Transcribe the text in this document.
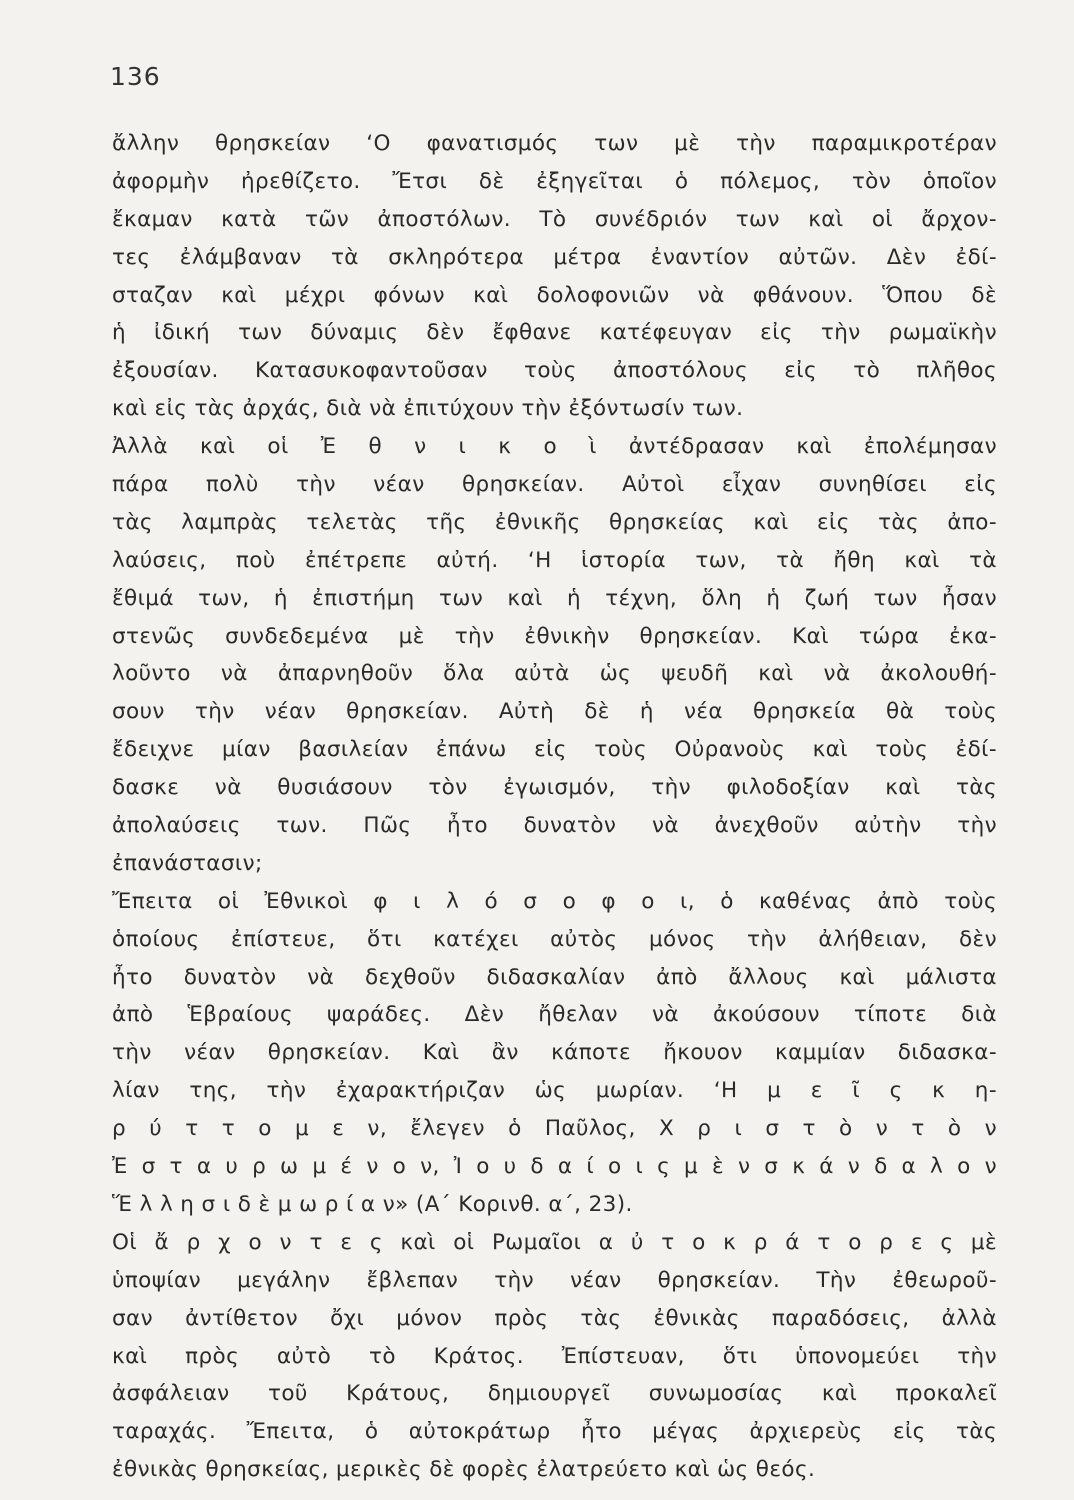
136
ἄλλην θρησκείαν ‘Ο φανατισμός των μὲ τὴν παραμικροτέραν
ἀφορμὴν ἠρεθίζετο. Ἔτσι δὲ ἐξηγεῖται ὁ πόλεμος, τὸν ὁποῖον
ἔκαμαν κατὰ τῶν ἀποστόλων. Τὸ συνέδριόν των καὶ οἱ ἄρχον-
τες ἐλάμβαναν τὰ σκληρότερα μέτρα ἐναντίον αὐτῶν. Δὲν ἐδί-
σταζαν καὶ μέχρι φόνων καὶ δολοφονιῶν νὰ φθάνουν. Ὅπου δὲ
ἡ ἰδική των δύναμις δὲν ἔφθανε κατέφευγαν εἰς τὴν ρωμαϊκὴν
ἐξουσίαν. Κατασυκοφαντοῦσαν τοὺς ἀποστόλους εἰς τὸ πλῆθος
καὶ εἰς τὰς ἀρχάς, διὰ νὰ ἐπιτύχουν τὴν ἐξόντωσίν των.
Ἀλλὰ καὶ οἱ Ἐ θ ν ι κ ο ὶ ἀντέδρασαν καὶ ἐπολέμησαν
πάρα πολὺ τὴν νέαν θρησκείαν. Αὐτοὶ εἶχαν συνηθίσει εἰς
τὰς λαμπρὰς τελετὰς τῆς ἐθνικῆς θρησκείας καὶ εἰς τὰς ἀπο-
λαύσεις, ποὺ ἐπέτρεπε αὐτή. ‘Η ἱστορία των, τὰ ἤθη καὶ τὰ
ἔθιμά των, ἡ ἐπιστήμη των καὶ ἡ τέχνη, ὅλη ἡ ζωή των ἦσαν
στενῶς συνδεδεμένα μὲ τὴν ἐθνικὴν θρησκείαν. Καὶ τώρα ἐκα-
λοῦντο νὰ ἀπαρνηθοῦν ὅλα αὐτὰ ὡς ψευδῆ καὶ νὰ ἀκολουθή-
σουν τὴν νέαν θρησκείαν. Αὐτὴ δὲ ἡ νέα θρησκεία θὰ τοὺς
ἔδειχνε μίαν βασιλείαν ἐπάνω εἰς τοὺς Οὐρανοὺς καὶ τοὺς ἐδί-
δασκε νὰ θυσιάσουν τὸν ἐγωισμόν, τὴν φιλοδοξίαν καὶ τὰς
ἀπολαύσεις των. Πῶς ἦτο δυνατὸν νὰ ἀνεχθοῦν αὐτὴν τὴν
ἐπανάστασιν;
Ἔπειτα οἱ Ἐθνικοὶ φ ι λ ό σ ο φ ο ι, ὁ καθένας ἀπὸ τοὺς
ὁποίους ἐπίστευε, ὅτι κατέχει αὐτὸς μόνος τὴν ἀλήθειαν, δὲν
ἦτο δυνατὸν νὰ δεχθοῦν διδασκαλίαν ἀπὸ ἄλλους καὶ μάλιστα
ἀπὸ Ἑβραίους ψαράδες. Δὲν ἤθελαν νὰ ἀκούσουν τίποτε διὰ
τὴν νέαν θρησκείαν. Καὶ ἂν κάποτε ἤκουον καμμίαν διδασκα-
λίαν της, τὴν ἐχαρακτήριζαν ὡς μωρίαν. ‘Η μ ε ῖ ς κ η-
ρ ύ τ τ ο μ ε ν, ἔλεγεν ὁ Παῦλος, Χ ρ ι σ τ ὸ ν τ ὸ ν
Ἐ σ τ α υ ρ ω μ έ ν ο ν, Ἰ ο υ δ α ί ο ι ς μ ὲ ν σ κ ά ν δ α λ ο ν
Ἕ λ λ η σ ι δ ὲ μ ω ρ ί α ν» (Α΄ Κορινθ. α΄, 23).
Οἱ ἄ ρ χ ο ν τ ε ς καὶ οἱ Ρωμαῖοι α ὐ τ ο κ ρ ά τ ο ρ ε ς μὲ
ὑποψίαν μεγάλην ἔβλεπαν τὴν νέαν θρησκείαν. Τὴν ἐθεωροῦ-
σαν ἀντίθετον ὄχι μόνον πρὸς τὰς ἐθνικὰς παραδόσεις, ἀλλὰ
καὶ πρὸς αὐτὸ τὸ Κράτος. Ἐπίστευαν, ὅτι ὑπονομεύει τὴν
ἀσφάλειαν τοῦ Κράτους, δημιουργεῖ συνωμοσίας καὶ προκαλεῖ
ταραχάς. Ἔπειτα, ὁ αὐτοκράτωρ ἦτο μέγας ἀρχιερεὺς εἰς τὰς
ἐθνικὰς θρησκείας, μερικὲς δὲ φορὲς ἐλατρεύετο καὶ ὡς θεός.
